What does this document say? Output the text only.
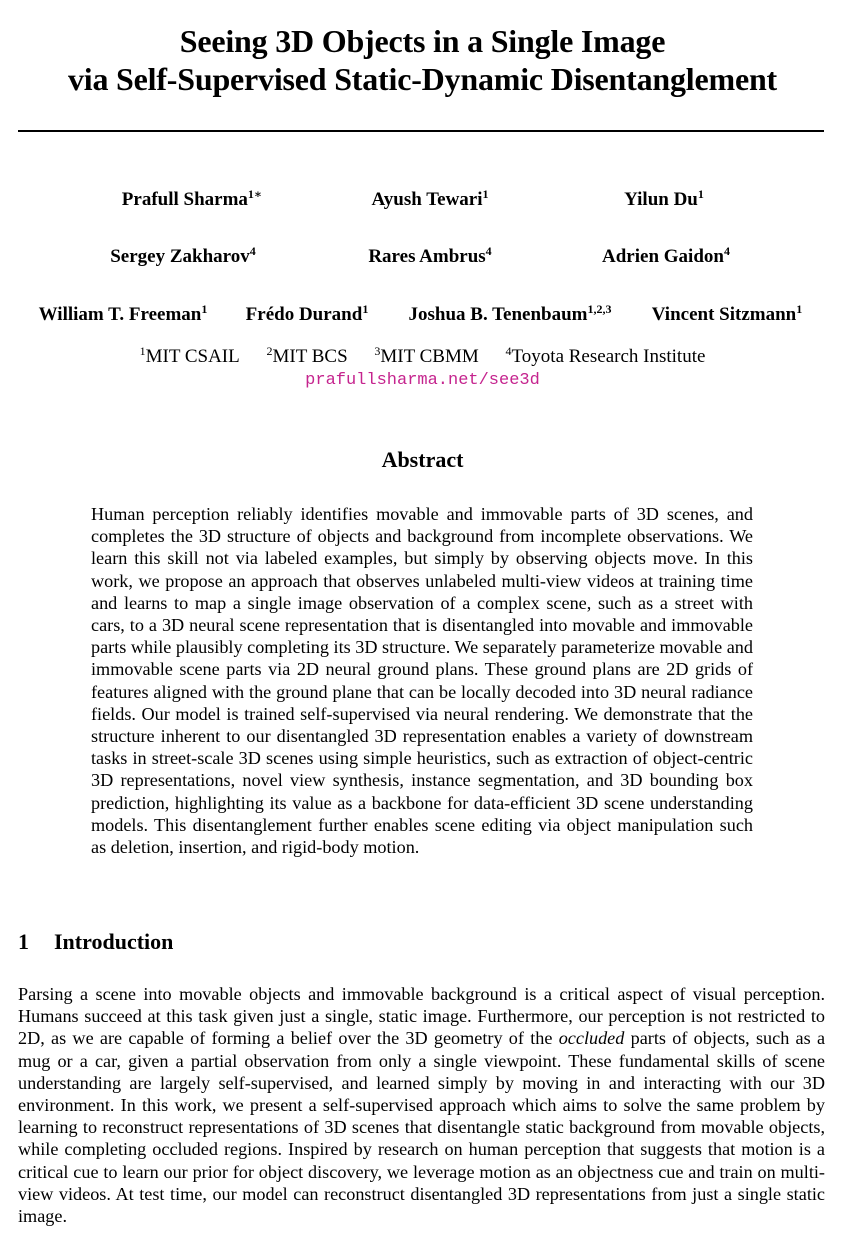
Seeing 3D Objects in a Single Image
via Self-Supervised Static-Dynamic Disentanglement
Prafull Sharma$^{1∗}$	Ayush Tewari$^1$	Yilun Du$^1$
Sergey Zakharov$^4$	Rares Ambrus$^4$	Adrien Gaidon$^4$
William T. Freeman$^1$ Frédo Durand$^1$ Joshua B. Tenenbaum$^{1,2,3}$ Vincent Sitzmann$^1$
$^1$MIT CSAIL $^2$MIT BCS $^3$MIT CBMM $^4$Toyota Research Institute
prafullsharma.net/see3d
Abstract
Human perception reliably identifies movable and immovable parts of 3D scenes, and completes the 3D structure of objects and background from incomplete observations. We learn this skill not via labeled examples, but simply by observing objects move. In this work, we propose an approach that observes unlabeled multi-view videos at training time and learns to map a single image observation of a complex scene, such as a street with cars, to a 3D neural scene representation that is disentangled into movable and immovable parts while plausibly completing its 3D structure. We separately parameterize movable and immovable scene parts via 2D neural ground plans. These ground plans are 2D grids of features aligned with the ground plane that can be locally decoded into 3D neural radiance fields. Our model is trained self-supervised via neural rendering. We demonstrate that the structure inherent to our disentangled 3D representation enables a variety of downstream tasks in street-scale 3D scenes using simple heuristics, such as extraction of object-centric 3D representations, novel view synthesis, instance segmentation, and 3D bounding box prediction, highlighting its value as a backbone for data-efficient 3D scene understanding models. This disentanglement further enables scene editing via object manipulation such as deletion, insertion, and rigid-body motion.
1 Introduction
Parsing a scene into movable objects and immovable background is a critical aspect of visual perception. Humans succeed at this task given just a single, static image. Furthermore, our perception is not restricted to 2D, as we are capable of forming a belief over the 3D geometry of the occluded parts of objects, such as a mug or a car, given a partial observation from only a single viewpoint. These fundamental skills of scene understanding are largely self-supervised, and learned simply by moving in and interacting with our 3D environment. In this work, we present a self-supervised approach which aims to solve the same problem by learning to reconstruct representations of 3D scenes that disentangle static background from movable objects, while completing occluded regions. Inspired by research on human perception that suggests that motion is a critical cue to learn our prior for object discovery, we leverage motion as an objectness cue and train on multi-view videos. At test time, our model can reconstruct disentangled 3D representations from just a single static image.
